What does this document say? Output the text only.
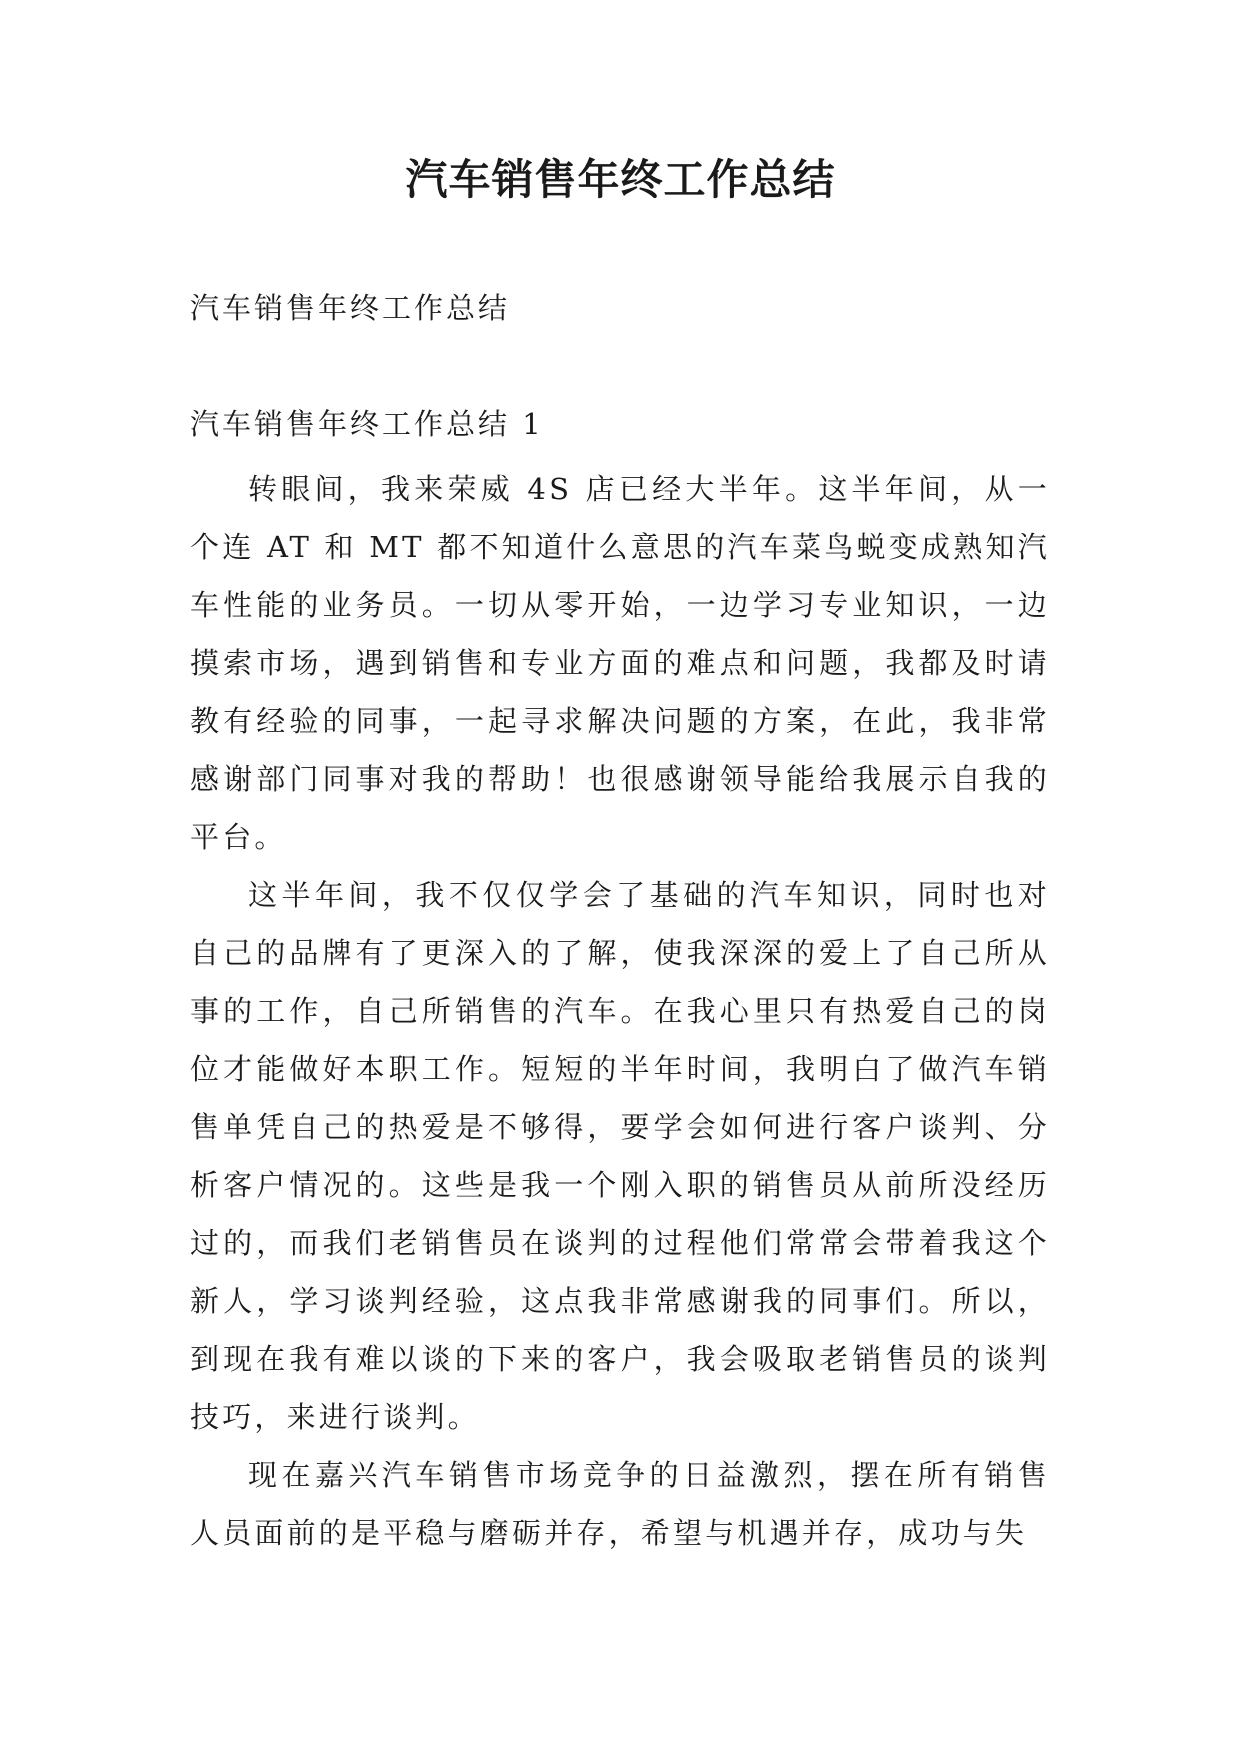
汽车销售年终工作总结

汽车销售年终工作总结

汽车销售年终工作总结 1

转眼间，我来荣威 4S 店已经大半年。这半年间，从一个连 AT 和 MT 都不知道什么意思的汽车菜鸟蜕变成熟知汽车性能的业务员。一切从零开始，一边学习专业知识，一边摸索市场，遇到销售和专业方面的难点和问题，我都及时请教有经验的同事，一起寻求解决问题的方案，在此，我非常感谢部门同事对我的帮助！也很感谢领导能给我展示自我的平台。

这半年间，我不仅仅学会了基础的汽车知识，同时也对自己的品牌有了更深入的了解，使我深深的爱上了自己所从事的工作，自己所销售的汽车。在我心里只有热爱自己的岗位才能做好本职工作。短短的半年时间，我明白了做汽车销售单凭自己的热爱是不够得，要学会如何进行客户谈判、分析客户情况的。这些是我一个刚入职的销售员从前所没经历过的，而我们老销售员在谈判的过程他们常常会带着我这个新人，学习谈判经验，这点我非常感谢我的同事们。所以，到现在我有难以谈的下来的客户，我会吸取老销售员的谈判技巧，来进行谈判。

现在嘉兴汽车销售市场竞争的日益激烈，摆在所有销售人员面前的是平稳与磨砺并存，希望与机遇并存，成功与失
